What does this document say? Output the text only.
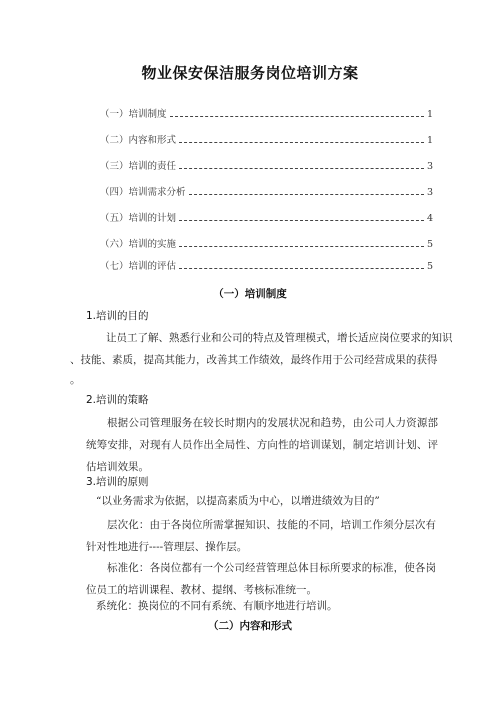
物业保安保洁服务岗位培训方案
（一）培训制度	1
（二）内容和形式	1
（三）培训的责任	3
（四）培训需求分析	3
（五）培训的计划	4
（六）培训的实施	5
（七）培训的评估	5
（一）培训制度
1.培训的目的
让员工了解、熟悉行业和公司的特点及管理模式，增长适应岗位要求的知识
、技能、素质，提高其能力，改善其工作绩效，最终作用于公司经营成果的获得
。
2.培训的策略
根据公司管理服务在较长时期内的发展状况和趋势，由公司人力资源部统筹安排，对现有人员作出全局性、方向性的培训谋划，制定培训计划、评估培训效果。
3.培训的原则
“以业务需求为依据，以提高素质为中心，以增进绩效为目的”
层次化：由于各岗位所需掌握知识、技能的不同，培训工作须分层次有针对性地进行----管理层、操作层。
标准化：各岗位都有一个公司经营管理总体目标所要求的标准，使各岗位员工的培训课程、教材、提纲、考核标准统一。
系统化：换岗位的不同有系统、有顺序地进行培训。
（二）内容和形式
